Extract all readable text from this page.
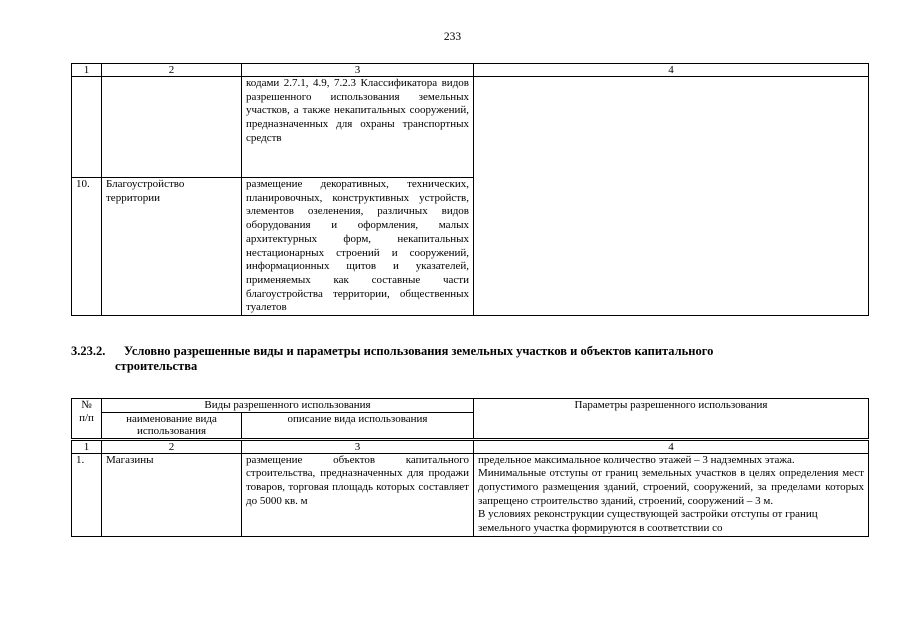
233
1	2	3	4
		кодами 2.7.1, 4.9, 7.2.3 Классификатора видов разрешенного использования земельных участков, а также некапитальных сооружений, предназначенных для охраны транспортных средств	
10.	Благоустройство территории	размещение декоративных, технических, планировочных, конструктивных устройств, элементов озеленения, различных видов оборудования и оформления, малых архитектурных форм, некапитальных нестационарных строений и сооружений, информационных щитов и указателей, применяемых как составные части благоустройства территории, общественных туалетов	
3.23.2. Условно разрешенные виды и параметры использования земельных участков и объектов капитального
строительства
№ п/п	Виды разрешенного использования		Параметры разрешенного использования
	наименование вида использования	описание вида использования	
1	2	3	4
1.	Магазины	размещение объектов капитального строительства, предназначенных для продажи товаров, торговая площадь которых составляет до 5000 кв. м	предельное максимальное количество этажей – 3 надземных этажа.
Минимальные отступы от границ земельных участков в целях определения мест допустимого размещения зданий, строений, сооружений, за пределами которых запрещено строительство зданий, строений, сооружений – 3 м.
В условиях реконструкции существующей застройки отступы от границ земельного участка формируются в соответствии со
